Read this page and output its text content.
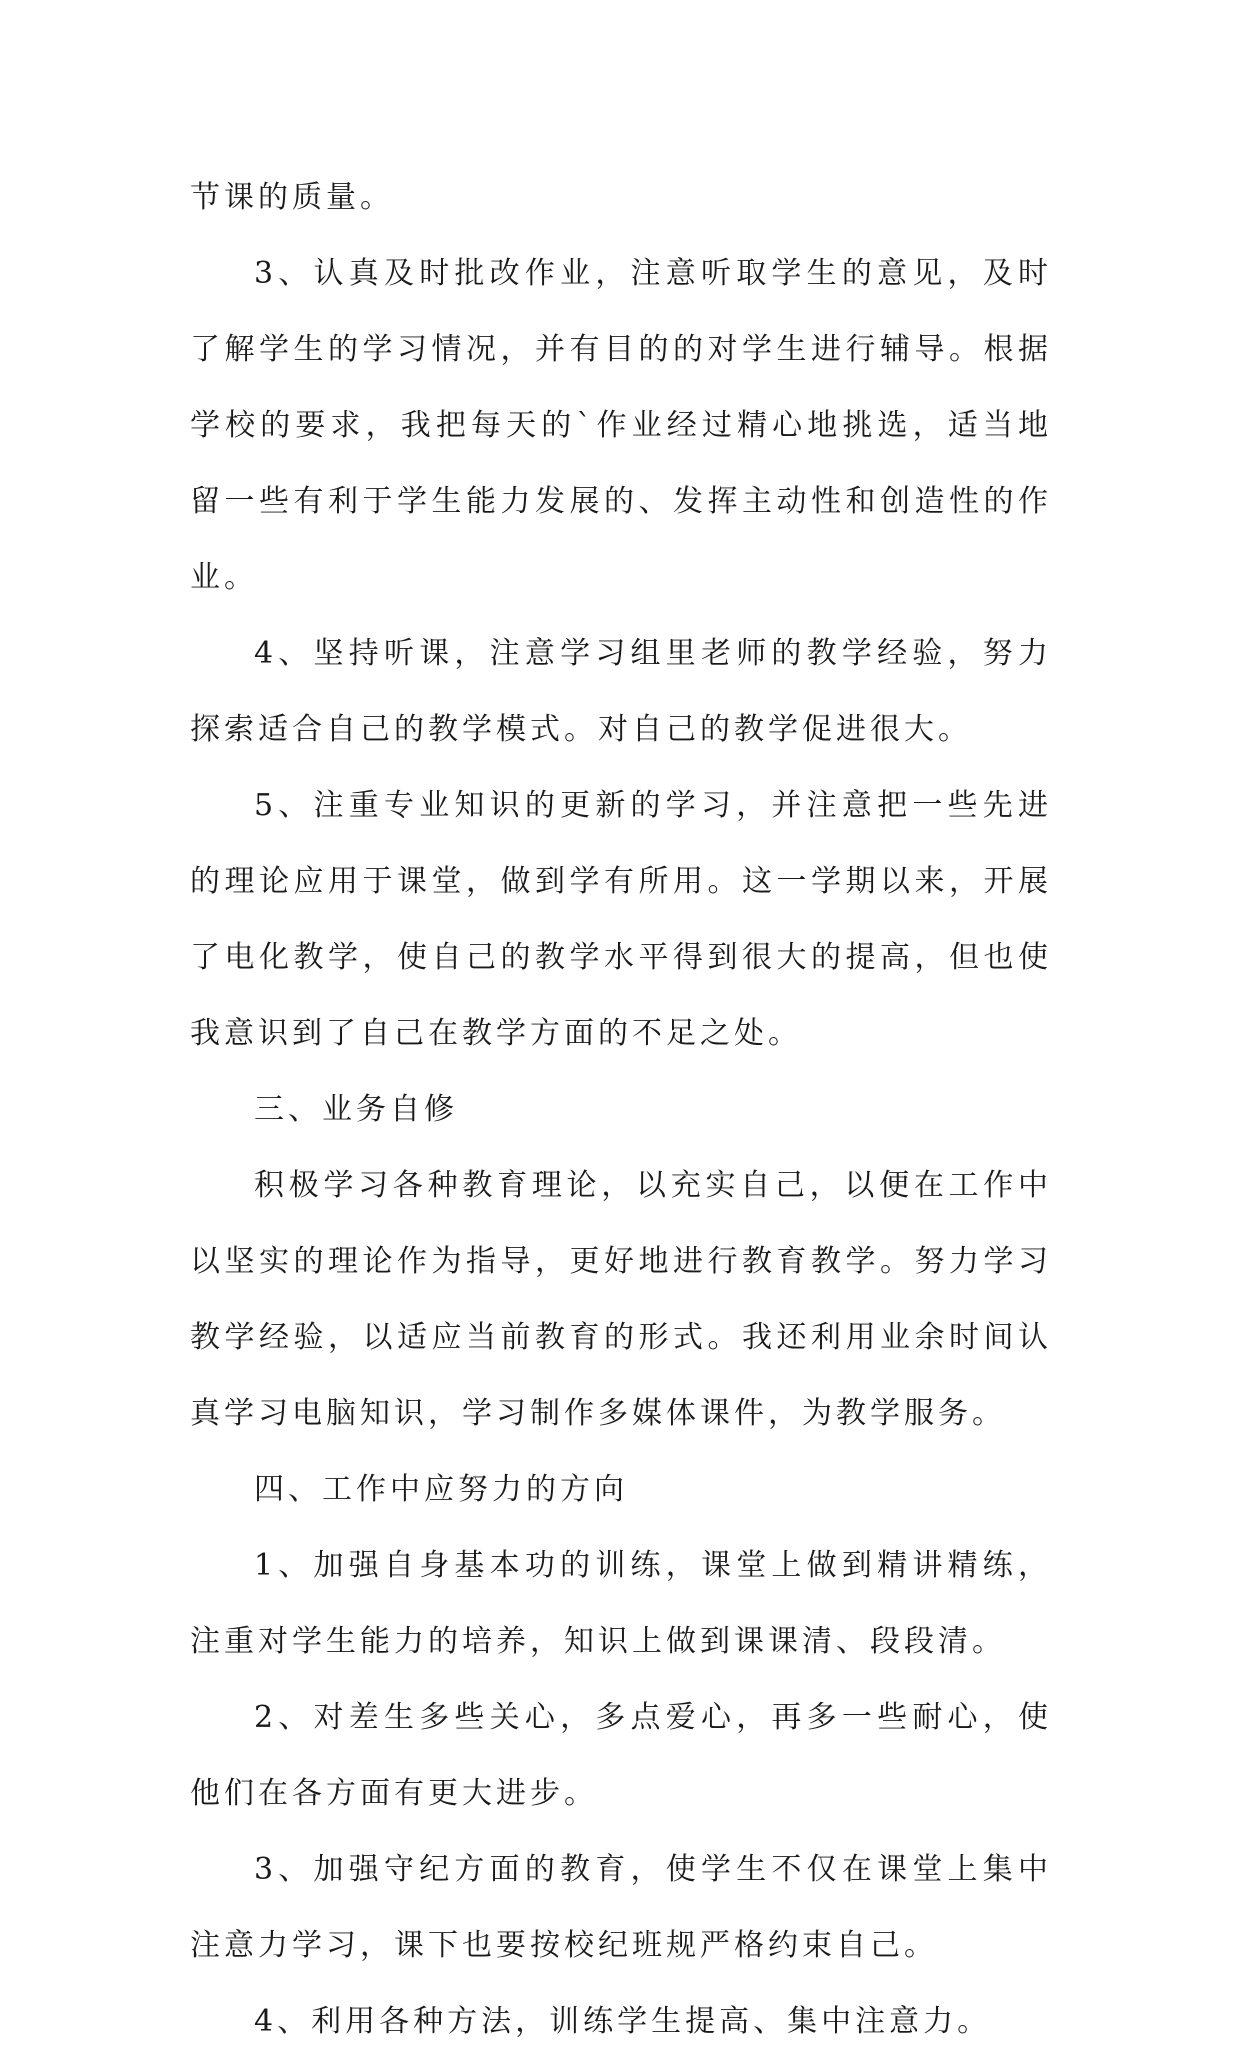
节课的质量。

3、认真及时批改作业，注意听取学生的意见，及时了解学生的学习情况，并有目的的对学生进行辅导。根据学校的要求，我把每天的`作业经过精心地挑选，适当地留一些有利于学生能力发展的、发挥主动性和创造性的作业。

4、坚持听课，注意学习组里老师的教学经验，努力探索适合自己的教学模式。对自己的教学促进很大。

5、注重专业知识的更新的学习，并注意把一些先进的理论应用于课堂，做到学有所用。这一学期以来，开展了电化教学，使自己的教学水平得到很大的提高，但也使我意识到了自己在教学方面的不足之处。

三、业务自修

积极学习各种教育理论，以充实自己，以便在工作中以坚实的理论作为指导，更好地进行教育教学。努力学习教学经验，以适应当前教育的形式。我还利用业余时间认真学习电脑知识，学习制作多媒体课件，为教学服务。

四、工作中应努力的方向

1、加强自身基本功的训练，课堂上做到精讲精练，注重对学生能力的培养，知识上做到课课清、段段清。

2、对差生多些关心，多点爱心，再多一些耐心，使他们在各方面有更大进步。

3、加强守纪方面的教育，使学生不仅在课堂上集中注意力学习，课下也要按校纪班规严格约束自己。

4、利用各种方法，训练学生提高、集中注意力。
